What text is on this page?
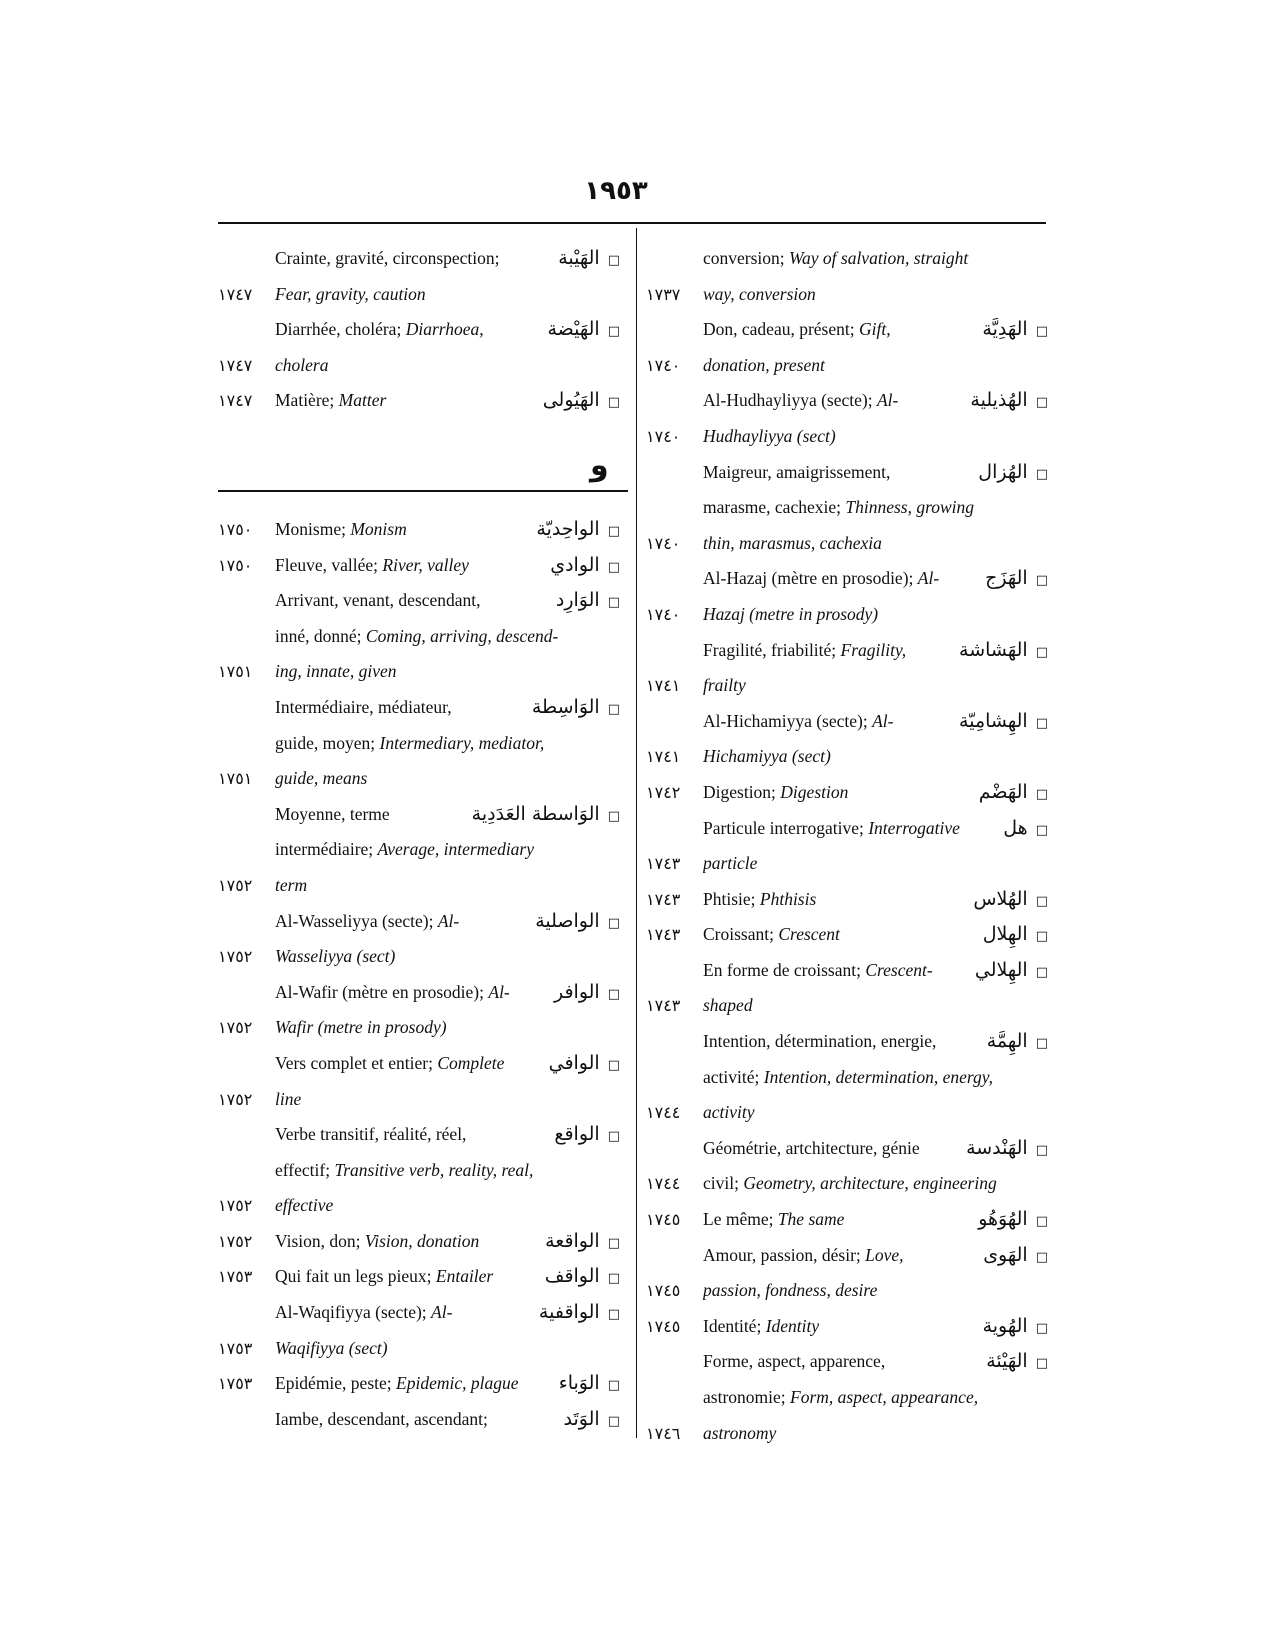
١٩٥٣
conversion; Way of salvation, straight
١٧٣٧	way, conversion
Don, cadeau, présent; Gift,	□الهَدِيَّة
١٧٤٠	donation, present
Al-Hudhayliyya (secte); Al-	□الهُذيلية
١٧٤٠	Hudhayliyya (sect)
Maigreur, amaigrissement,	□الهُزال
marasme, cachexie; Thinness, growing
١٧٤٠	thin, marasmus, cachexia
Al-Hazaj (mètre en prosodie); Al-	□الهَزَج
١٧٤٠	Hazaj (metre in prosody)
Fragilité, friabilité; Fragility,	□الهَشاشة
١٧٤١	frailty
Al-Hichamiyya (secte); Al-	□الهِشامِيّة
١٧٤١	Hichamiyya (sect)
١٧٤٢	Digestion; Digestion	□الهَضْم
Particule interrogative; Interrogative	□هل
١٧٤٣	particle
١٧٤٣	Phtisie; Phthisis	□الهُلاس
١٧٤٣	Croissant; Crescent	□الهِلال
En forme de croissant; Crescent-	□الهِلالي
١٧٤٣	shaped
Intention, détermination, energie,	□الهِمَّة
activité; Intention, determination, energy,
١٧٤٤	activity
Géométrie, artchitecture, génie	□الهَنْدسة
١٧٤٤	civil; Geometry, architecture, engineering
١٧٤٥	Le même; The same	□الهُوَهُو
Amour, passion, désir; Love,	□الهَوى
١٧٤٥	passion, fondness, desire
١٧٤٥	Identité; Identity	□الهُوية
Forme, aspect, apparence,	□الهَيْئة
astronomie; Form, aspect, appearance,
١٧٤٦	astronomy
Crainte, gravité, circonspection;	□الهَيْبة
١٧٤٧	Fear, gravity, caution
Diarrhée, choléra; Diarrhoea,	□الهَيْضة
١٧٤٧	cholera
١٧٤٧	Matière; Matter	□الهَيُولى
و
١٧٥٠	Monisme; Monism	□الواحِديّة
١٧٥٠	Fleuve, vallée; River, valley	□الوادي
Arrivant, venant, descendant,	□الوَارِد
inné, donné; Coming, arriving, descend-
١٧٥١	ing, innate, given
Intermédiaire, médiateur,	□الوَاسِطة
guide, moyen; Intermediary, mediator,
١٧٥١	guide, means
Moyenne, terme	□الوَاسطة العَدَدِية
intermédiaire; Average, intermediary
١٧٥٢	term
Al-Wasseliyya (secte); Al-	□الواصلية
١٧٥٢	Wasseliyya (sect)
Al-Wafir (mètre en prosodie); Al-	□الوافر
١٧٥٢	Wafir (metre in prosody)
Vers complet et entier; Complete	□الوافي
١٧٥٢	line
Verbe transitif, réalité, réel,	□الواقع
effectif; Transitive verb, reality, real,
١٧٥٢	effective
١٧٥٢	Vision, don; Vision, donation	□الواقعة
١٧٥٣	Qui fait un legs pieux; Entailer	□الواقف
Al-Waqifiyya (secte); Al-	□الواقفية
١٧٥٣	Waqifiyya (sect)
١٧٥٣	Epidémie, peste; Epidemic, plague	□الوَباء
Iambe, descendant, ascendant;	□الوَتَد
